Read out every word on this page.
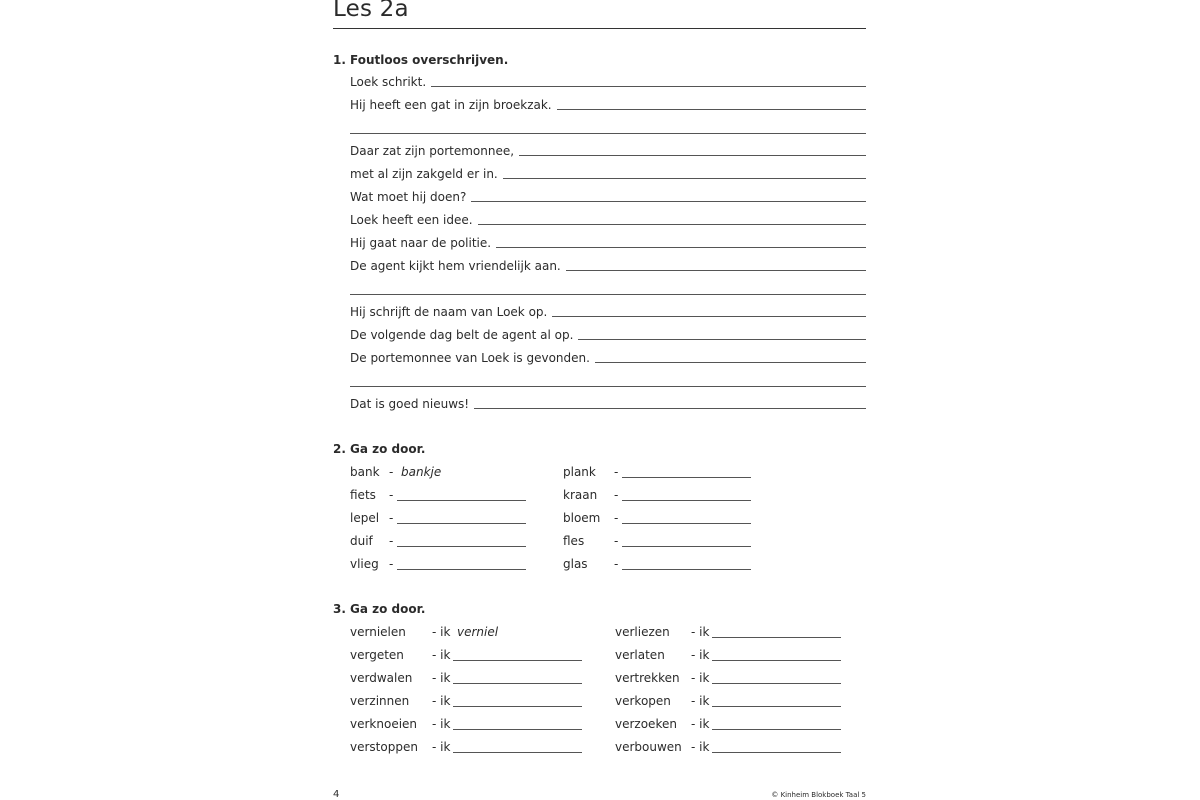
Les 2a
1. Foutloos overschrijven.
Loek schrikt.
Hij heeft een gat in zijn broekzak.
Daar zat zijn portemonnee,
met al zijn zakgeld er in.
Wat moet hij doen?
Loek heeft een idee.
Hij gaat naar de politie.
De agent kijkt hem vriendelijk aan.
Hij schrijft de naam van Loek op.
De volgende dag belt de agent al op.
De portemonnee van Loek is gevonden.
Dat is goed nieuws!
2. Ga zo door.
bank - bankje
fiets -
lepel -
duif -
vlieg -
plank -
kraan -
bloem -
fles -
glas -
3. Ga zo door.
vernielen - ik verniel
vergeten - ik
verdwalen - ik
verzinnen - ik
verknoeien - ik
verstoppen - ik
verliezen - ik
verlaten - ik
vertrekken - ik
verkopen - ik
verzoeken - ik
verbouwen - ik
4	© Kinheim Blokboek Taal 5
